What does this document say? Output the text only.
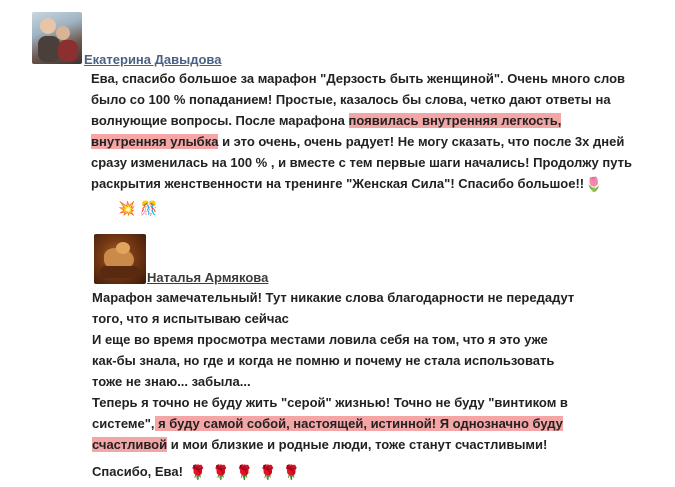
Екатерина Давыдова
Ева, спасибо большое за марафон "Дерзость быть женщиной". Очень много слов
было со 100 % попаданием! Простые, казалось бы слова, четко дают ответы на
волнующие вопросы. После марафона появилась внутренняя легкость,
внутренняя улыбка и это очень, очень радует! Не могу сказать, что после 3х дней
сразу изменилась на 100 % , и вместе с тем первые шаги начались! Продолжу путь
раскрытия женственности на тренинге "Женская Сила"! Спасибо большое!!🌷
💥 🎊
Наталья Армякова
Марафон замечательный! Тут никакие слова благодарности не передадут
того, что я испытываю сейчас
И еще во время просмотра местами ловила себя на том, что я это уже
как-бы знала, но где и когда не помню и почему не стала использовать
тоже не знаю... забыла...
Теперь я точно не буду жить "серой" жизнью! Точно не буду "винтиком в
системе", я буду самой собой, настоящей, истинной! Я однозначно буду
счастливой и мои близкие и родные люди, тоже станут счастливыми!
Спасибо, Ева! 🌹 🌹 🌹 🌹 🌹
